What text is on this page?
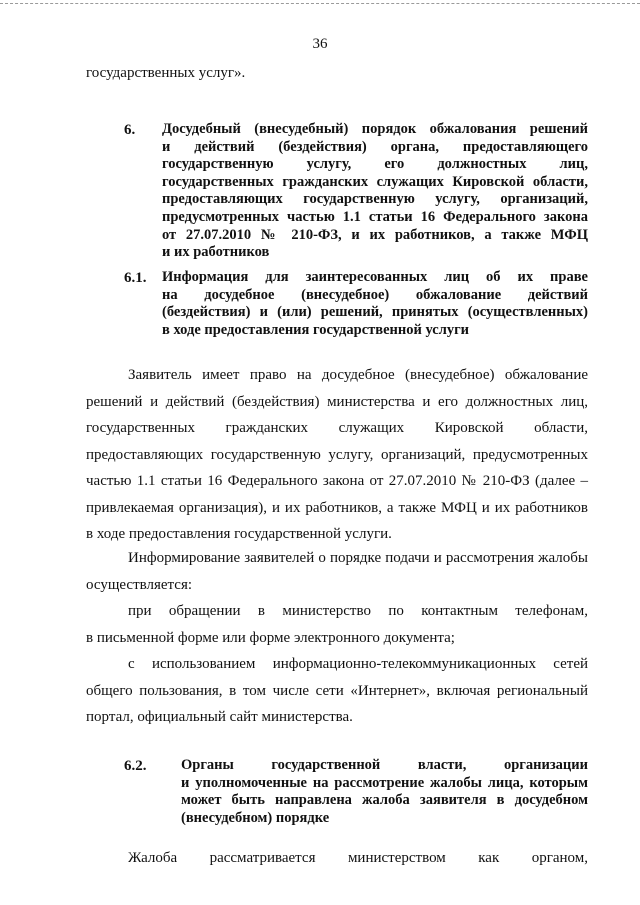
36
государственных услуг».
6. Досудебный (внесудебный) порядок обжалования решений
и действий (бездействия) органа, предоставляющего
государственную услугу, его должностных лиц,
государственных гражданских служащих Кировской области,
предоставляющих государственную услугу, организаций,
предусмотренных частью 1.1 статьи 16 Федерального закона
от 27.07.2010 № 210-ФЗ, и их работников, а также МФЦ
и их работников
6.1. Информация для заинтересованных лиц об их праве
на досудебное (внесудебное) обжалование действий
(бездействия) и (или) решений, принятых (осуществленных)
в ходе предоставления государственной услуги
Заявитель имеет право на досудебное (внесудебное) обжалование
решений и действий (бездействия) министерства и его должностных лиц,
государственных гражданских служащих Кировской области,
предоставляющих государственную услугу, организаций, предусмотренных
частью 1.1 статьи 16 Федерального закона от 27.07.2010 № 210-ФЗ (далее –
привлекаемая организация), и их работников, а также МФЦ и их работников
в ходе предоставления государственной услуги.
Информирование заявителей о порядке подачи и рассмотрения жалобы
осуществляется:
при обращении в министерство по контактным телефонам,
в письменной форме или форме электронного документа;
с использованием информационно-телекоммуникационных сетей
общего пользования, в том числе сети «Интернет», включая региональный
портал, официальный сайт министерства.
6.2. Органы государственной власти, организации
и уполномоченные на рассмотрение жалобы лица, которым
может быть направлена жалоба заявителя в досудебном
(внесудебном) порядке
Жалоба рассматривается министерством как органом,
